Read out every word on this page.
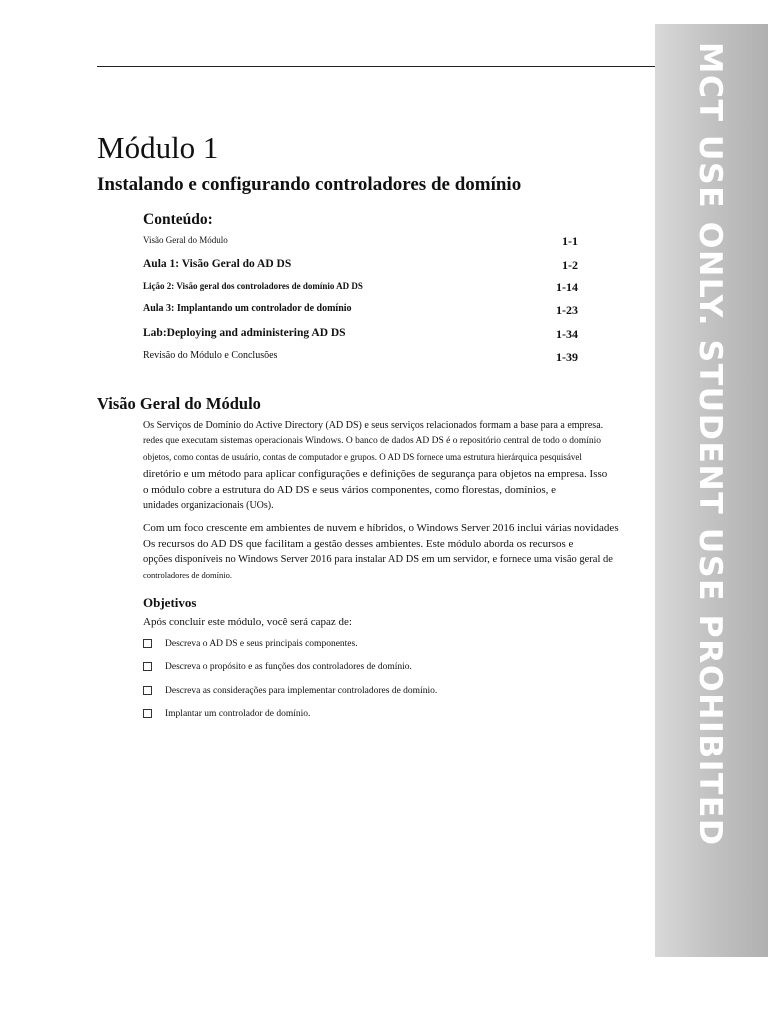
MCT USE ONLY. STUDENT USE PROHIBITED
Módulo 1
Instalando e configurando controladores de domínio
Conteúdo:
Visão Geral do Módulo	1-1
Aula 1: Visão Geral do AD DS	1-2
Lição 2: Visão geral dos controladores de domínio AD DS	1-14
Aula 3: Implantando um controlador de domínio	1-23
Lab:Deploying and administering AD DS	1-34
Revisão do Módulo e Conclusões	1-39
Visão Geral do Módulo

Os Serviços de Domínio do Active Directory (AD DS) e seus serviços relacionados formam a base para a empresa.

redes que executam sistemas operacionais Windows. O banco de dados AD DS é o repositório central de todo o domínio

objetos, como contas de usuário, contas de computador e grupos. O AD DS fornece uma estrutura hierárquica pesquisável

diretório e um método para aplicar configurações e definições de segurança para objetos na empresa. Isso

o módulo cobre a estrutura do AD DS e seus vários componentes, como florestas, domínios, e

unidades organizacionais (UOs).

Com um foco crescente em ambientes de nuvem e híbridos, o Windows Server 2016 inclui várias novidades

Os recursos do AD DS que facilitam a gestão desses ambientes. Este módulo aborda os recursos e

opções disponíveis no Windows Server 2016 para instalar AD DS em um servidor, e fornece uma visão geral de

controladores de domínio.

Objetivos

Após concluir este módulo, você será capaz de:

Descreva o AD DS e seus principais componentes.
Descreva o propósito e as funções dos controladores de domínio.
Descreva as considerações para implementar controladores de domínio.
Implantar um controlador de domínio.
